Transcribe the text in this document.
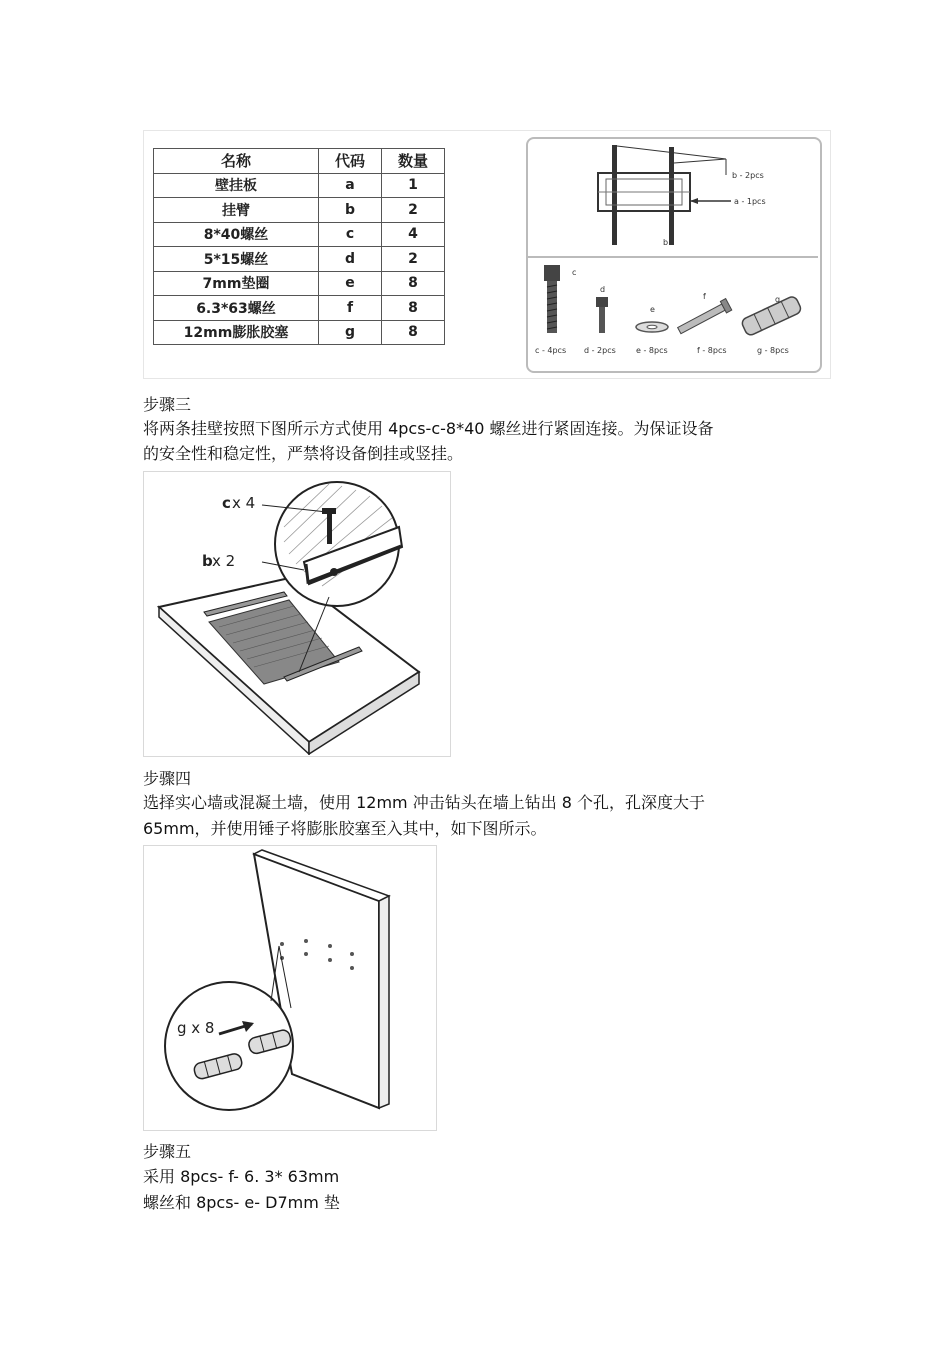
名称	代码	数量
壁挂板	a	1
挂臂	b	2
8*40螺丝	c	4
5*15螺丝	d	2
7mm垫圈	e	8
6.3*63螺丝	f	8
12mm膨胀胶塞	g	8
b - 2pcs
a - 1pcs
b	b
c
d
e
f	g
c - 4pcs d - 2pcs	e - 8pcs	f - 8pcs	g - 8pcs
步骤三
将两条挂壁按照下图所示方式使用 4pcs-c-8*40 螺丝进行紧固连接。为保证设备
的安全性和稳定性，严禁将设备倒挂或竖挂。
c x 4
b x 2
步骤四
选择实心墙或混凝土墙，使用 12mm 冲击钻头在墙上钻出 8 个孔，孔深度大于
65mm，并使用锤子将膨胀胶塞至入其中，如下图所示。
g x 8
步骤五
采用 8pcs- f- 6. 3* 63mm
螺丝和 8pcs- e- D7mm 垫
